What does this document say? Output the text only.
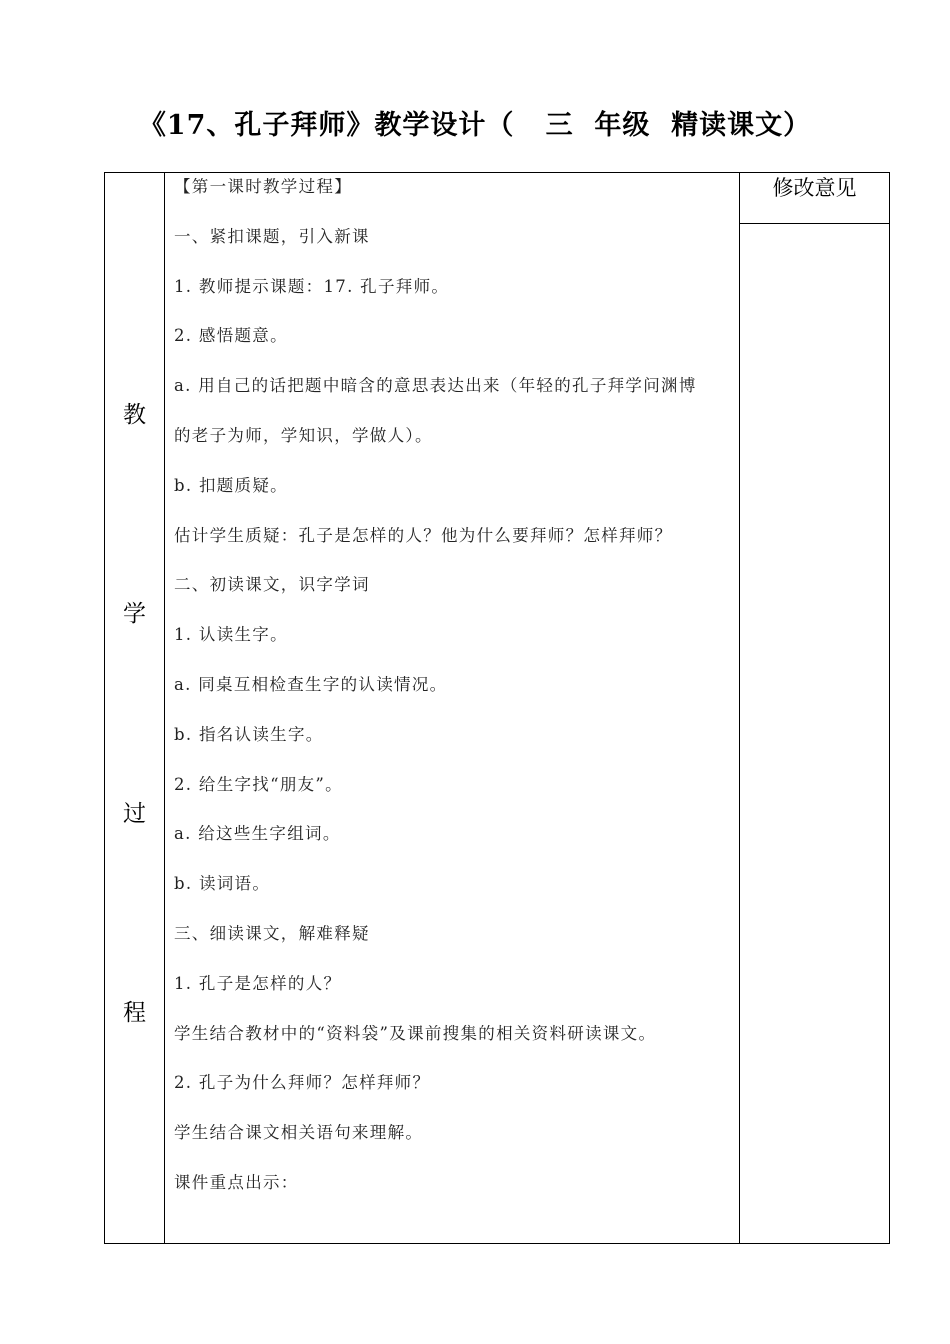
《17、孔子拜师》教学设计（   三  年级  精读课文）
教
学
过
程
修改意见
【第一课时教学过程】
一、紧扣课题，引入新课
1. 教师提示课题：17. 孔子拜师。
2. 感悟题意。
a. 用自己的话把题中暗含的意思表达出来（年轻的孔子拜学问渊博
的老子为师，学知识，学做人）。
b. 扣题质疑。
估计学生质疑：孔子是怎样的人？他为什么要拜师？怎样拜师？
二、初读课文，识字学词
1. 认读生字。
a. 同桌互相检查生字的认读情况。
b. 指名认读生字。
2. 给生字找“朋友”。
a. 给这些生字组词。
b. 读词语。
三、细读课文，解难释疑
1. 孔子是怎样的人？
学生结合教材中的“资料袋”及课前搜集的相关资料研读课文。
2. 孔子为什么拜师？怎样拜师？
学生结合课文相关语句来理解。
课件重点出示：
